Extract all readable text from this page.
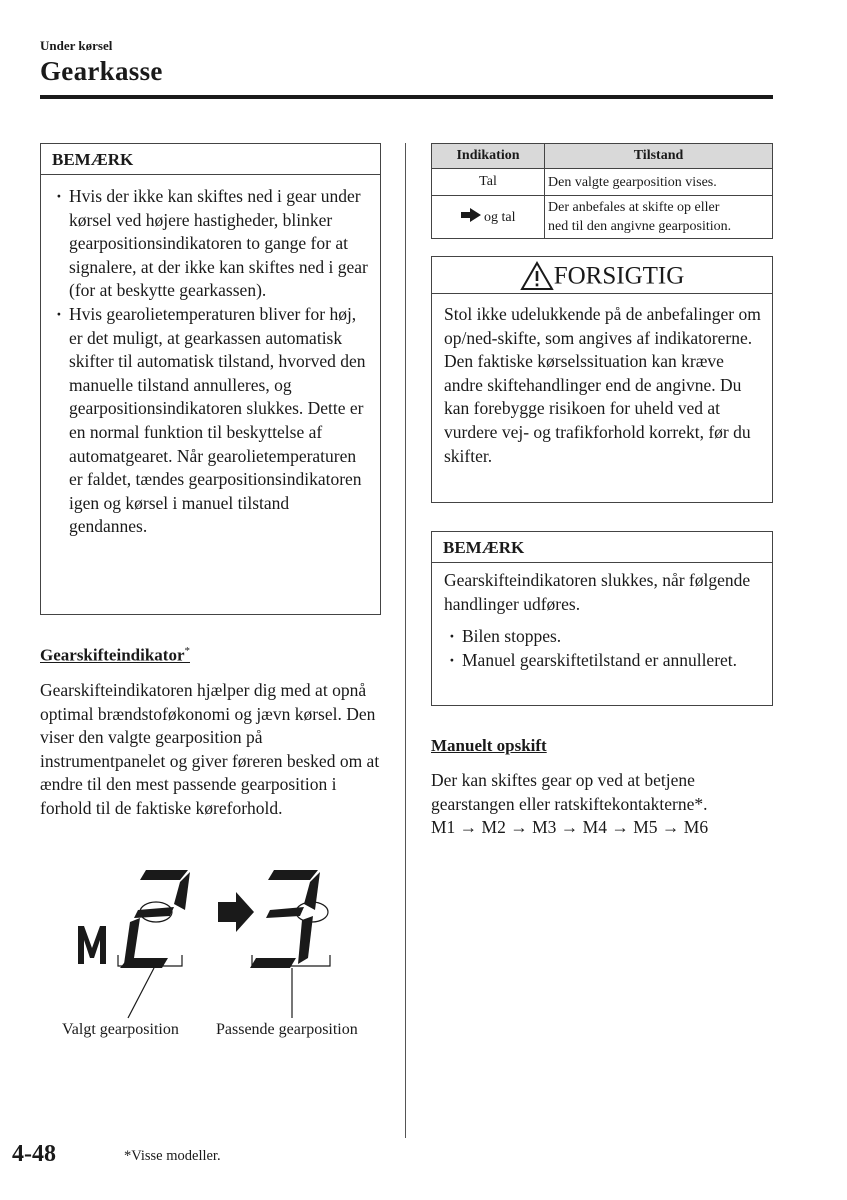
Under kørsel
Gearkasse
BEMÆRK
· Hvis der ikke kan skiftes ned i gear under kørsel ved højere hastigheder, blinker gearpositionsindikatoren to gange for at signalere, at der ikke kan skiftes ned i gear (for at beskytte gearkassen).
· Hvis gearolietemperaturen bliver for høj, er det muligt, at gearkassen automatisk skifter til automatisk tilstand, hvorved den manuelle tilstand annulleres, og gearpositionsindikatoren slukkes. Dette er en normal funktion til beskyttelse af automatgearet. Når gearolietemperaturen er faldet, tændes gearpositionsindikatoren igen og kørsel i manuel tilstand gendannes.
Gearskifteindikator*
Gearskifteindikatoren hjælper dig med at opnå optimal brændstoføkonomi og jævn kørsel. Den viser den valgte gearposition på instrumentpanelet og giver føreren besked om at ændre til den mest passende gearposition i forhold til de faktiske køreforhold.
Valgt gearposition Passende gearposition
Indikation	Tilstand
Tal	Den valgte gearposition vises.
og tal	Der anbefales at skifte op eller
ned til den angivne gearposition.
FORSIGTIG
Stol ikke udelukkende på de anbefalinger om op/ned-skifte, som angives af indikatorerne. Den faktiske kørselssituation kan kræve andre skiftehandlinger end de angivne. Du kan forebygge risikoen for uheld ved at vurdere vej- og trafikforhold korrekt, før du skifter.
BEMÆRK
Gearskifteindikatoren slukkes, når følgende handlinger udføres.
· Bilen stoppes.
· Manuel gearskiftetilstand er annulleret.
Manuelt opskift
Der kan skiftes gear op ved at betjene
gearstangen eller ratskiftekontakterne*.
M1 → M2 → M3 → M4 → M5 → M6
4-48	*Visse modeller.
